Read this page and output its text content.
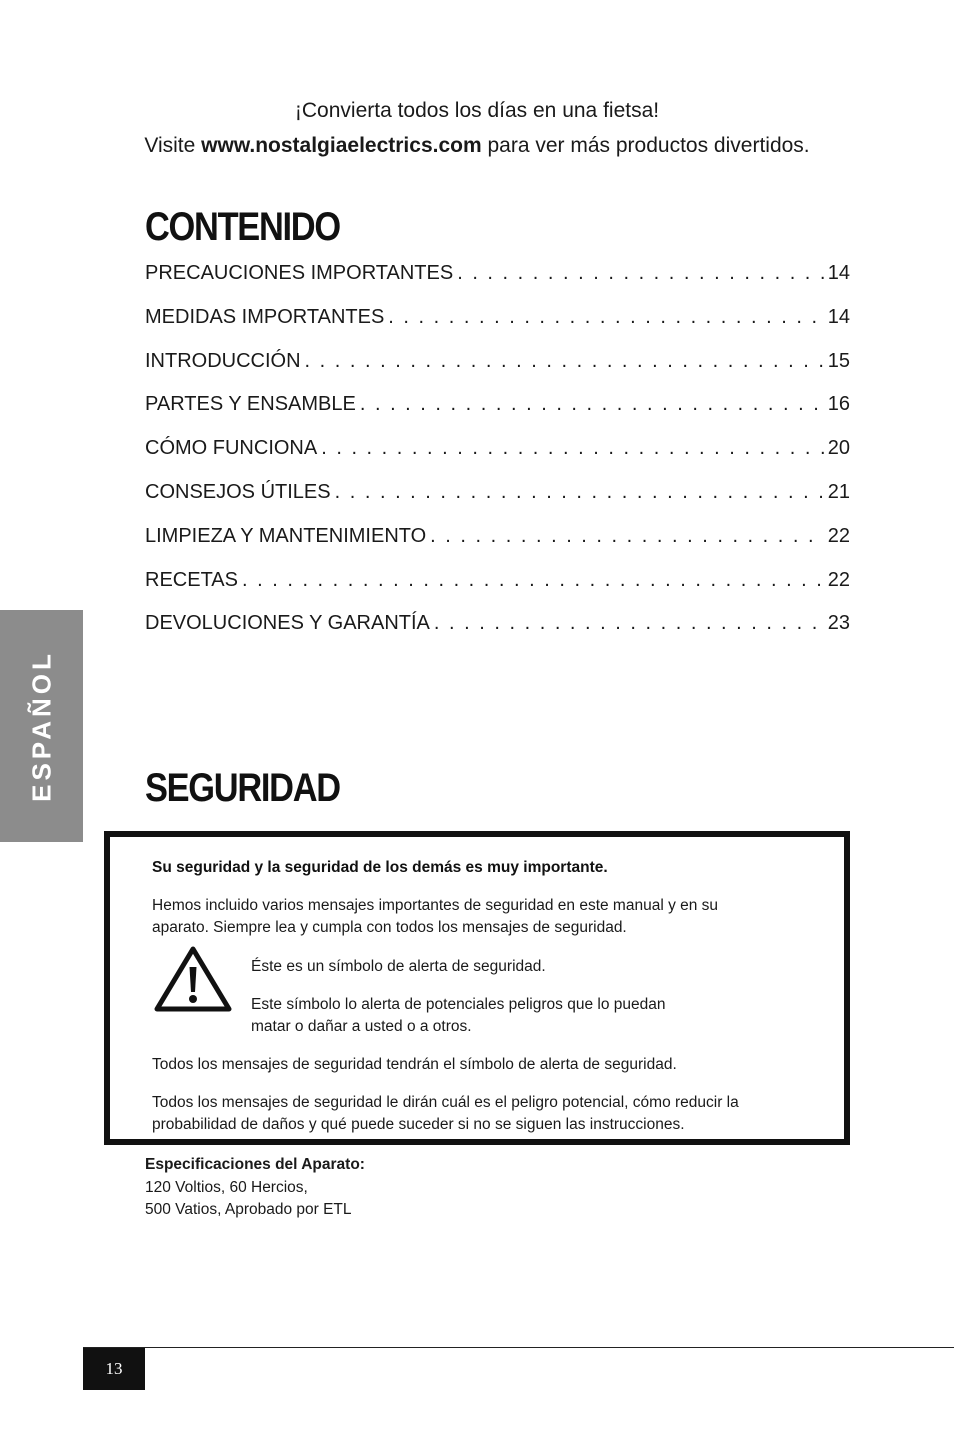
¡Convierta todos los días en una fietsa!
Visite www.nostalgiaelectrics.com para ver más productos divertidos.
CONTENIDO
PRECAUCIONES IMPORTANTES . . .	14
MEDIDAS IMPORTANTES . . .	14
INTRODUCCIÓN . . .	15
PARTES Y ENSAMBLE . . .	16
CÓMO FUNCIONA . . .	20
CONSEJOS ÚTILES . . .	21
LIMPIEZA Y MANTENIMIENTO . . .	22
RECETAS . . .	22
DEVOLUCIONES Y GARANTÍA . . .	23
ESPAÑOL SEGURIDAD
Su seguridad y la seguridad de los demás es muy importante.
Hemos incluido varios mensajes importantes de seguridad en este manual y en su aparato. Siempre lea y cumpla con todos los mensajes de seguridad.
Éste es un símbolo de alerta de seguridad.
Este símbolo lo alerta de potenciales peligros que lo puedan matar o dañar a usted o a otros.
Todos los mensajes de seguridad tendrán el símbolo de alerta de seguridad.
Todos los mensajes de seguridad le dirán cuál es el peligro potencial, cómo reducir la probabilidad de daños y qué puede suceder si no se siguen las instrucciones.
Especificaciones del Aparato:
120 Voltios, 60 Hercios,
500 Vatios, Aprobado por ETL
13
